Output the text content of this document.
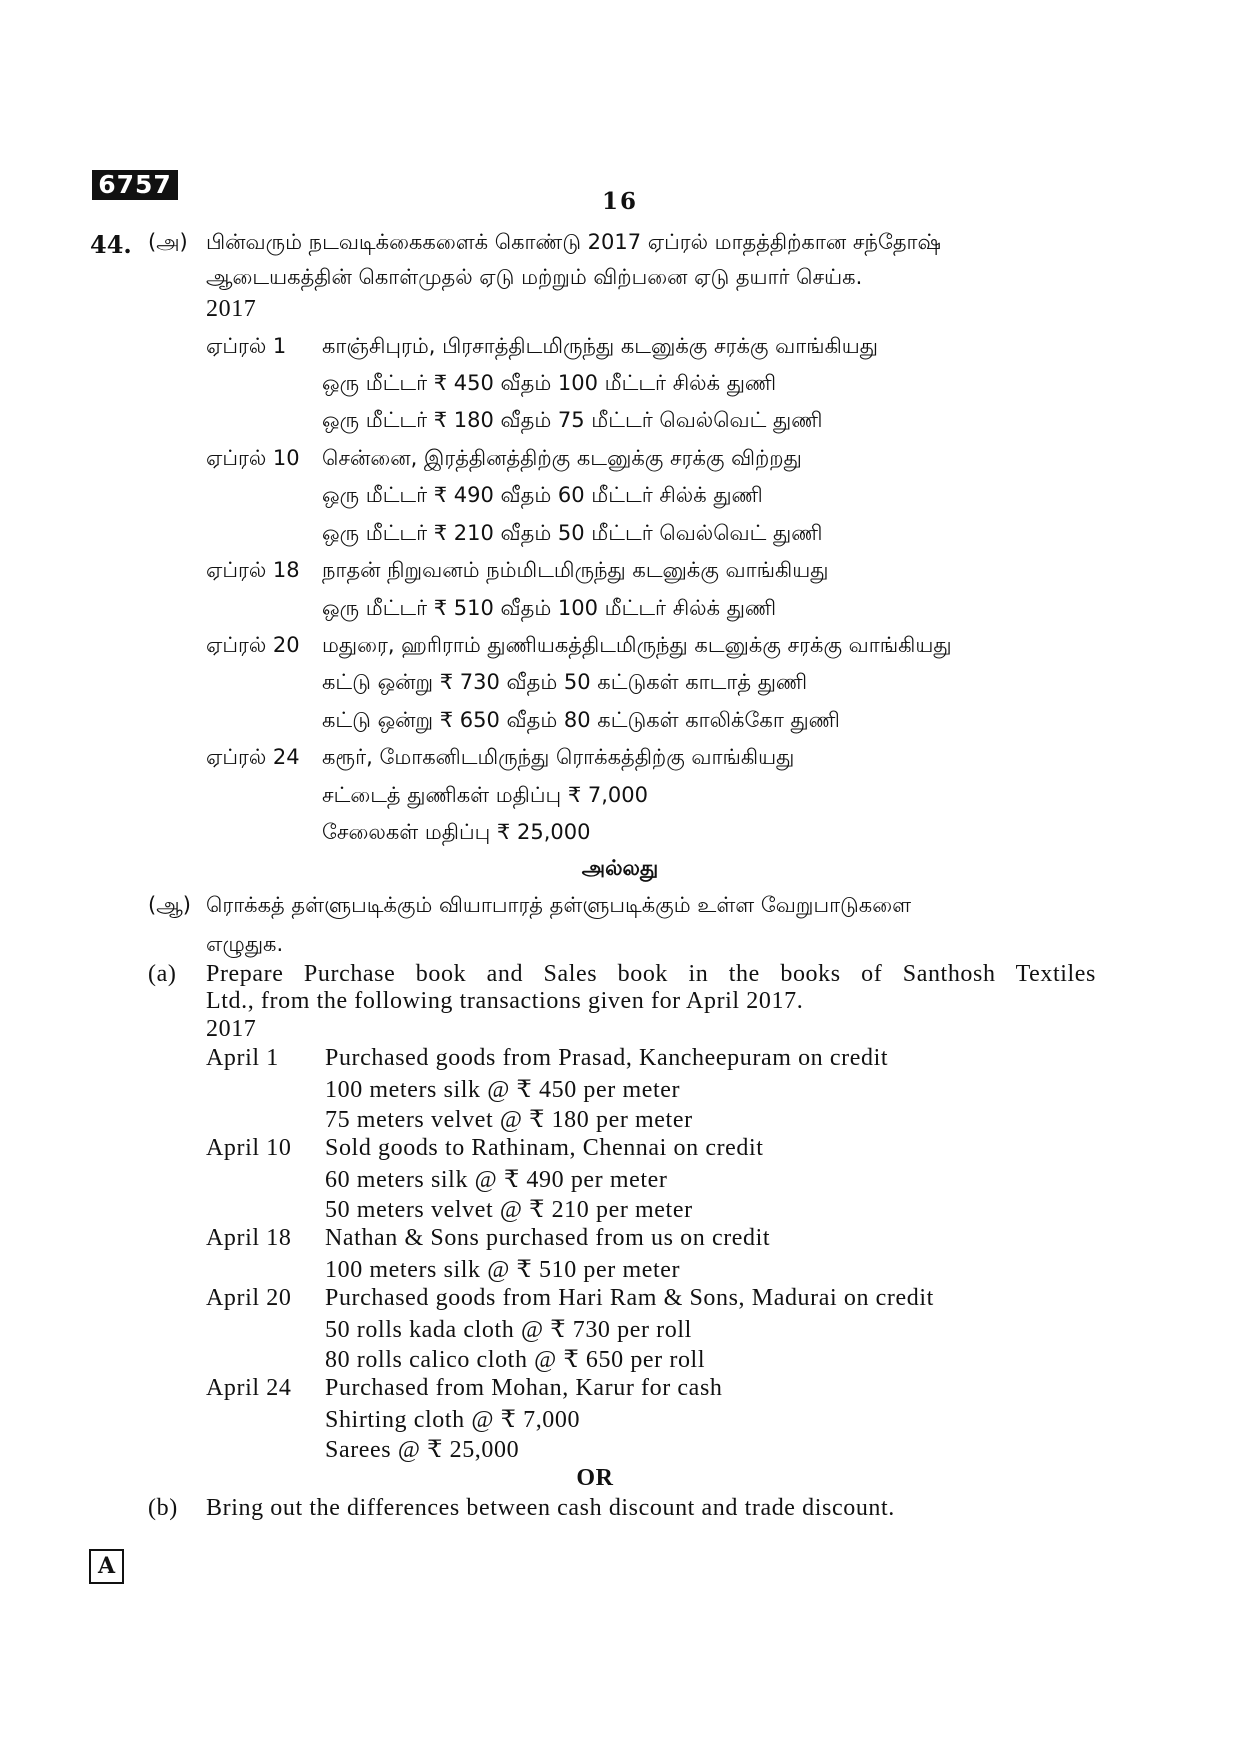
6757
16
44. (அ) பின்வரும் நடவடிக்கைகளைக் கொண்டு 2017 ஏப்ரல் மாதத்திற்கான சந்தோஷ்
ஆடையகத்தின் கொள்முதல் ஏடு மற்றும் விற்பனை ஏடு தயார் செய்க.
2017
ஏப்ரல் 1 காஞ்சிபுரம், பிரசாத்திடமிருந்து கடனுக்கு சரக்கு வாங்கியது
ஒரு மீட்டர் ₹ 450 வீதம் 100 மீட்டர் சில்க் துணி
ஒரு மீட்டர் ₹ 180 வீதம் 75 மீட்டர் வெல்வெட் துணி
ஏப்ரல் 10 சென்னை, இரத்தினத்திற்கு கடனுக்கு சரக்கு விற்றது
ஒரு மீட்டர் ₹ 490 வீதம் 60 மீட்டர் சில்க் துணி
ஒரு மீட்டர் ₹ 210 வீதம் 50 மீட்டர் வெல்வெட் துணி
ஏப்ரல் 18 நாதன் நிறுவனம் நம்மிடமிருந்து கடனுக்கு வாங்கியது
ஒரு மீட்டர் ₹ 510 வீதம் 100 மீட்டர் சில்க் துணி
ஏப்ரல் 20 மதுரை, ஹரிராம் துணியகத்திடமிருந்து கடனுக்கு சரக்கு வாங்கியது
கட்டு ஒன்று ₹ 730 வீதம் 50 கட்டுகள் காடாத் துணி
கட்டு ஒன்று ₹ 650 வீதம் 80 கட்டுகள் காலிக்கோ துணி
ஏப்ரல் 24 கரூர், மோகனிடமிருந்து ரொக்கத்திற்கு வாங்கியது
சட்டைத் துணிகள் மதிப்பு ₹ 7,000
சேலைகள் மதிப்பு ₹ 25,000
அல்லது
(ஆ) ரொக்கத் தள்ளுபடிக்கும் வியாபாரத் தள்ளுபடிக்கும் உள்ள வேறுபாடுகளை
எழுதுக.
(a) Prepare Purchase book and Sales book in the books of Santhosh Textiles
Ltd., from the following transactions given for April 2017.
2017
April 1 Purchased goods from Prasad, Kancheepuram on credit
100 meters silk @ ₹ 450 per meter
75 meters velvet @ ₹ 180 per meter
April 10 Sold goods to Rathinam, Chennai on credit
60 meters silk @ ₹ 490 per meter
50 meters velvet @ ₹ 210 per meter
April 18 Nathan & Sons purchased from us on credit
100 meters silk @ ₹ 510 per meter
April 20 Purchased goods from Hari Ram & Sons, Madurai on credit
50 rolls kada cloth @ ₹ 730 per roll
80 rolls calico cloth @ ₹ 650 per roll
April 24 Purchased from Mohan, Karur for cash
Shirting cloth @ ₹ 7,000
Sarees @ ₹ 25,000
OR
(b) Bring out the differences between cash discount and trade discount.
A
